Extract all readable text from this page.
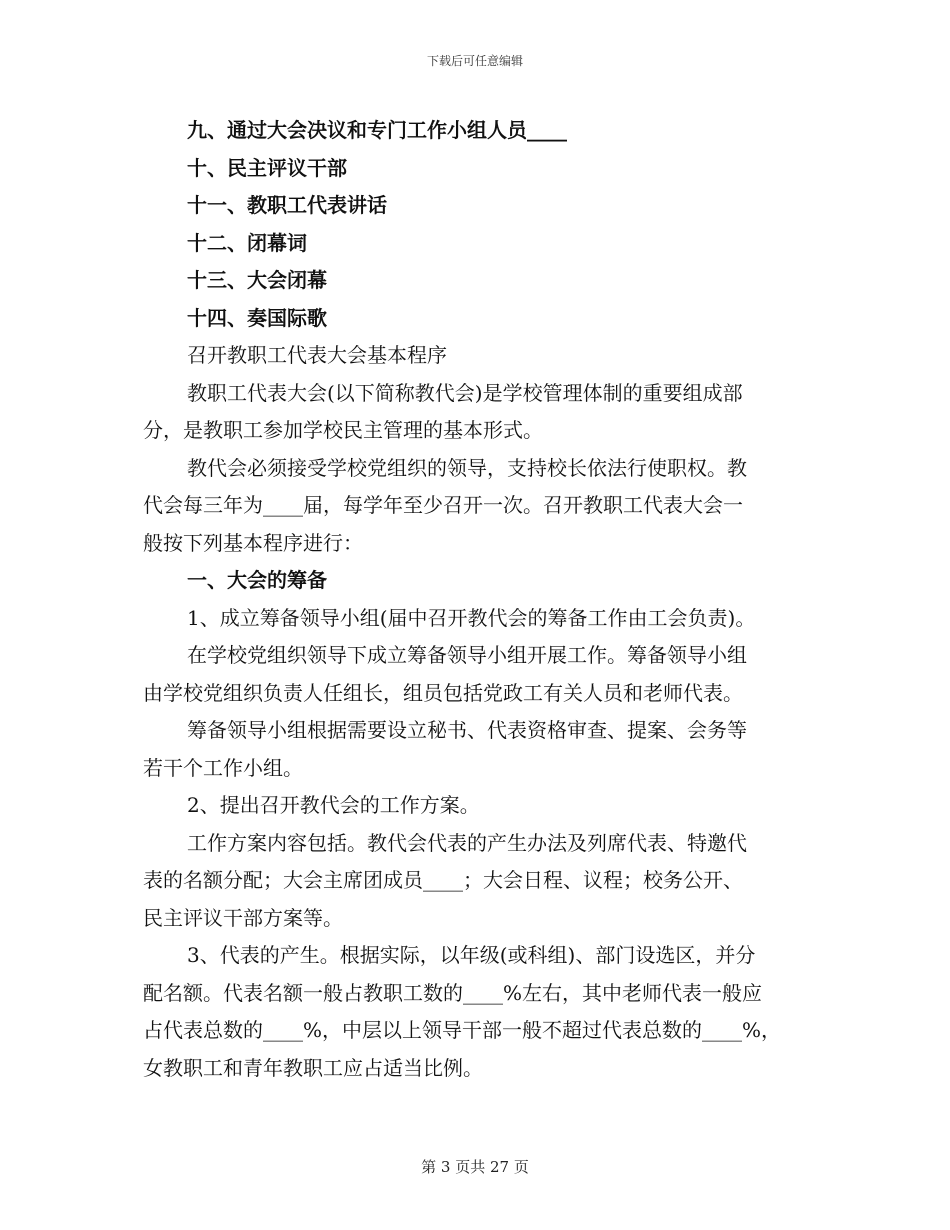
下载后可任意编辑
九、通过大会决议和专门工作小组人员____
十、民主评议干部
十一、教职工代表讲话
十二、闭幕词
十三、大会闭幕
十四、奏国际歌
召开教职工代表大会基本程序
教职工代表大会(以下简称教代会)是学校管理体制的重要组成部
分，是教职工参加学校民主管理的基本形式。
教代会必须接受学校党组织的领导，支持校长依法行使职权。教
代会每三年为____届，每学年至少召开一次。召开教职工代表大会一
般按下列基本程序进行：
一、大会的筹备
1、成立筹备领导小组(届中召开教代会的筹备工作由工会负责)。
在学校党组织领导下成立筹备领导小组开展工作。筹备领导小组
由学校党组织负责人任组长，组员包括党政工有关人员和老师代表。
筹备领导小组根据需要设立秘书、代表资格审查、提案、会务等
若干个工作小组。
2、提出召开教代会的工作方案。
工作方案内容包括。教代会代表的产生办法及列席代表、特邀代
表的名额分配；大会主席团成员____；大会日程、议程；校务公开、
民主评议干部方案等。
3、代表的产生。根据实际，以年级(或科组)、部门设选区，并分
配名额。代表名额一般占教职工数的____%左右，其中老师代表一般应
占代表总数的____%，中层以上领导干部一般不超过代表总数的____%，
女教职工和青年教职工应占适当比例。
第 3 页共 27 页
